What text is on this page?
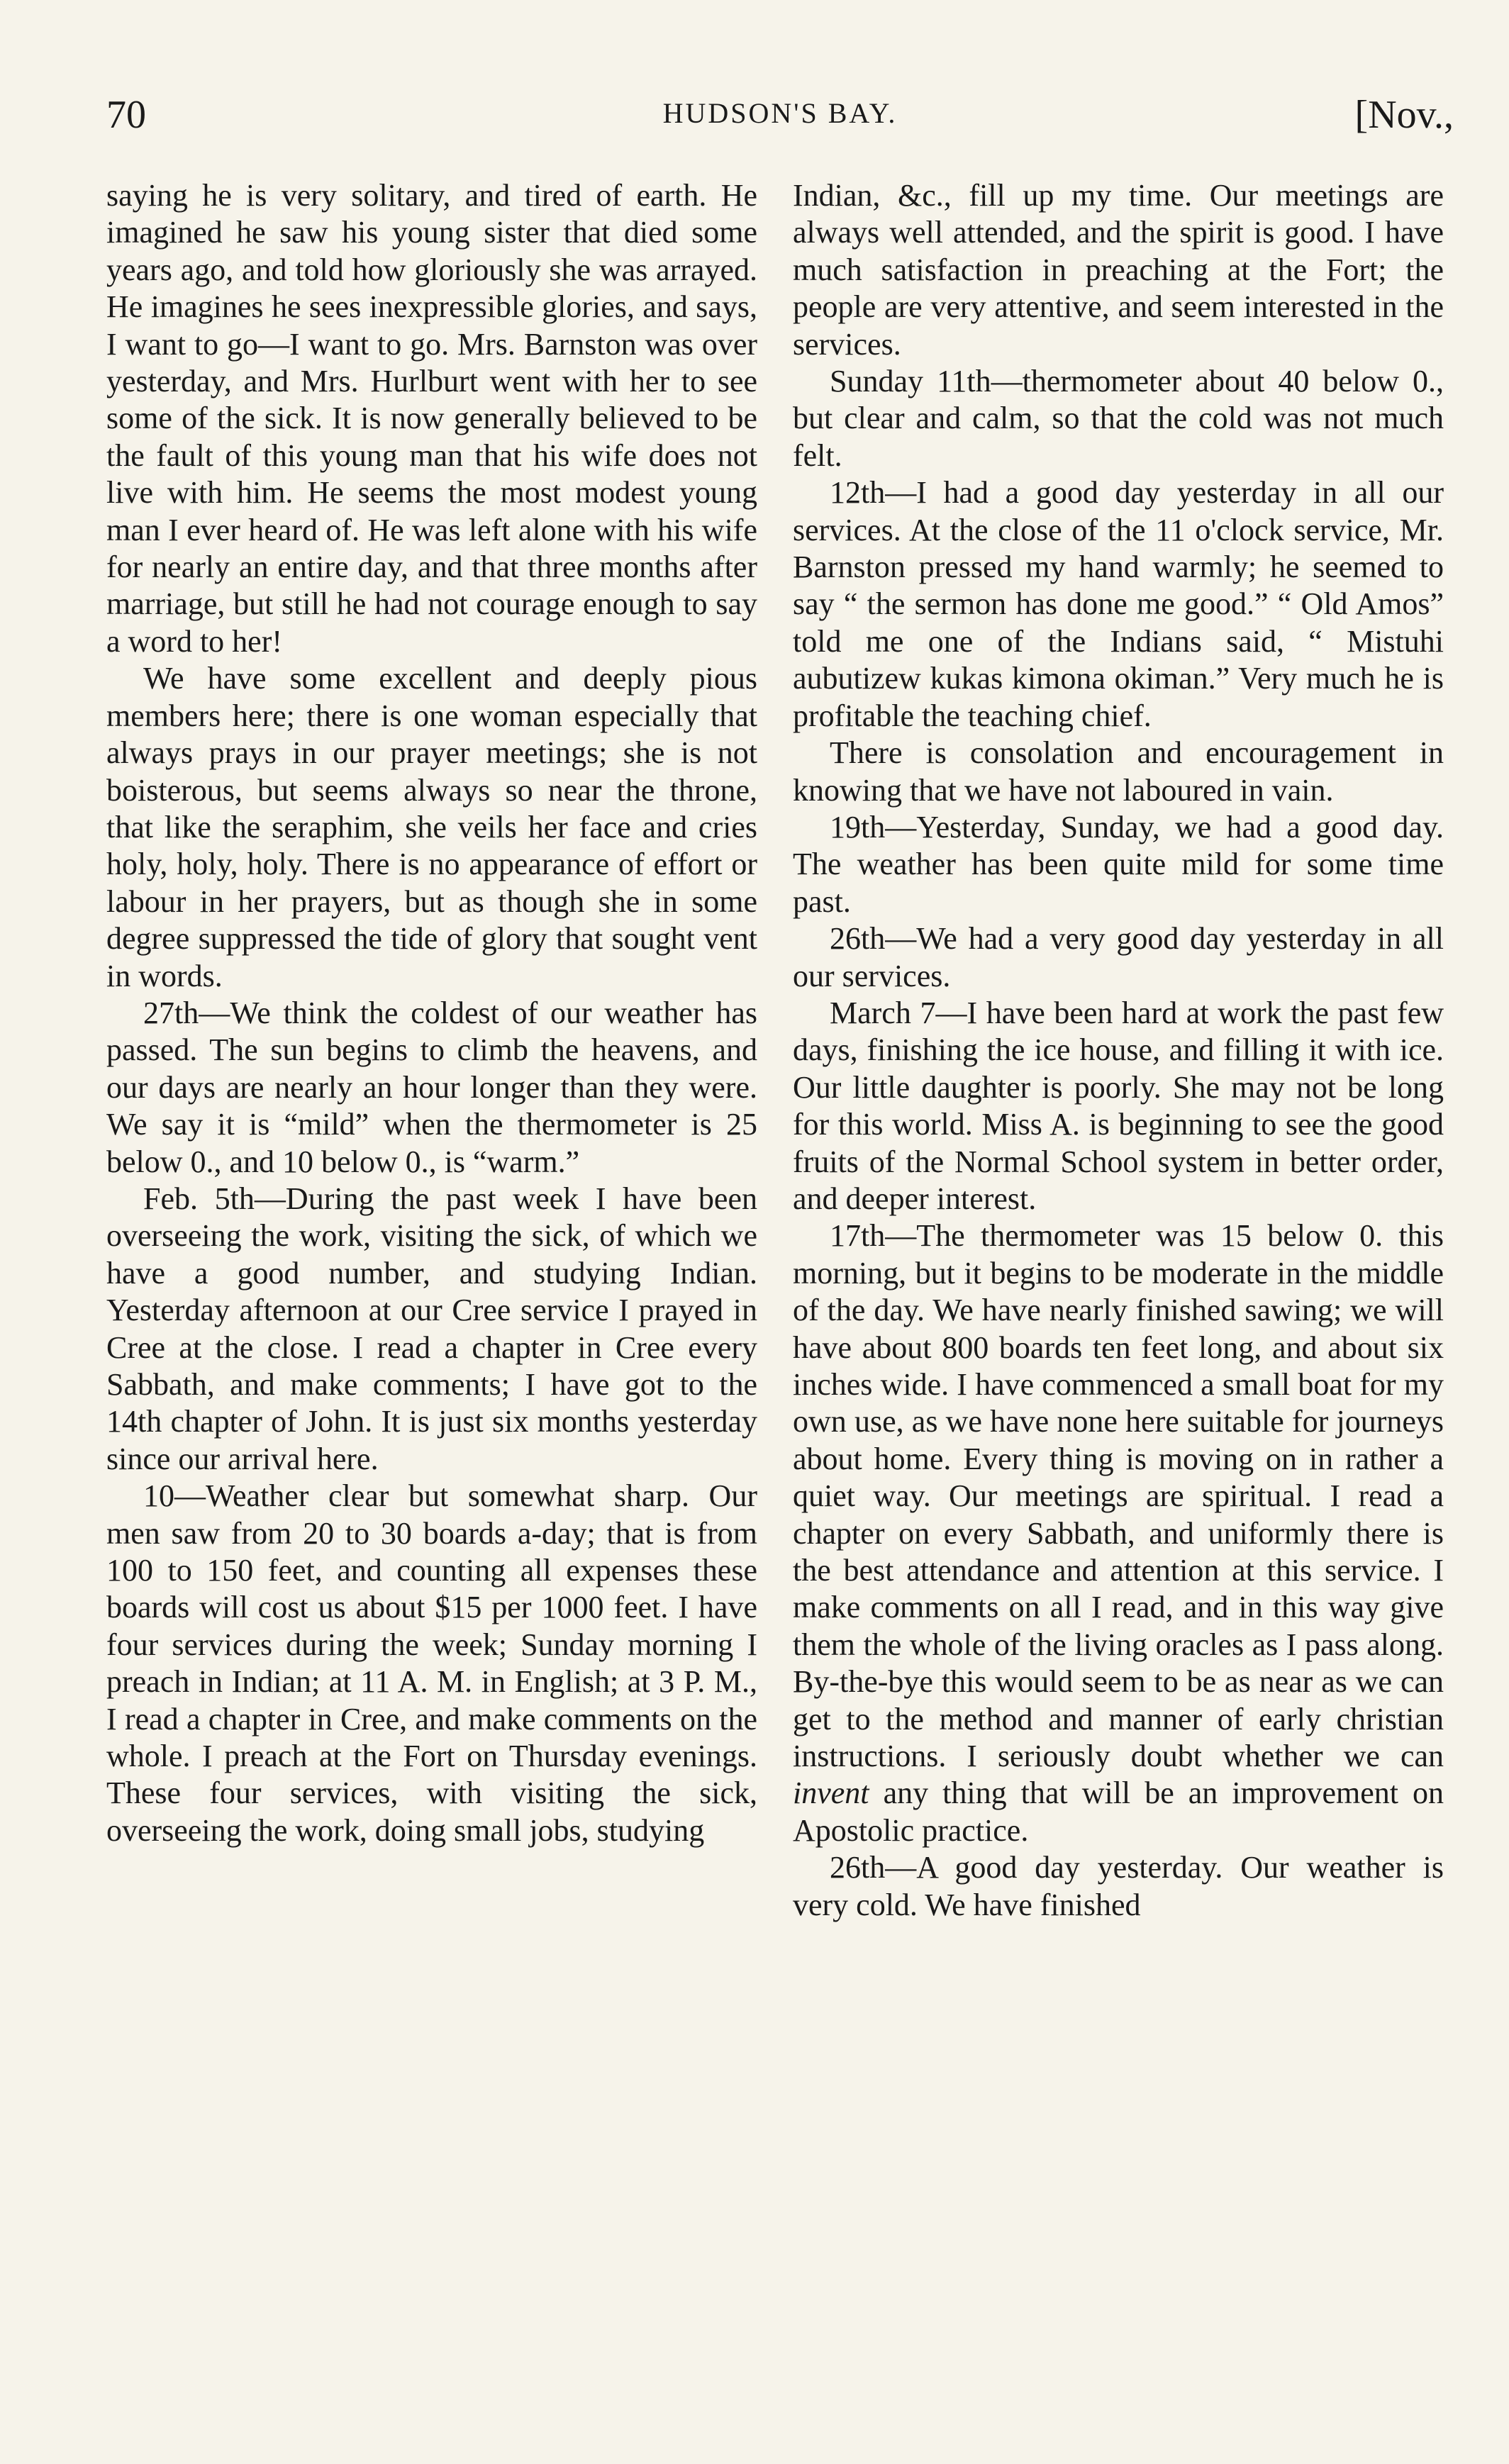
70	HUDSON'S BAY.	[Nov.,

saying he is very solitary, and tired of earth. He imagined he saw his young sister that died some years ago, and told how gloriously she was arrayed. He imagines he sees inexpressible glories, and says, I want to go—I want to go. Mrs. Barnston was over yesterday, and Mrs. Hurlburt went with her to see some of the sick. It is now generally believed to be the fault of this young man that his wife does not live with him. He seems the most modest young man I ever heard of. He was left alone with his wife for nearly an entire day, and that three months after marriage, but still he had not courage enough to say a word to her!

We have some excellent and deeply pious members here; there is one woman especially that always prays in our prayer meetings; she is not boisterous, but seems always so near the throne, that like the seraphim, she veils her face and cries holy, holy, holy. There is no appearance of effort or labour in her prayers, but as though she in some degree suppressed the tide of glory that sought vent in words.

27th—We think the coldest of our weather has passed. The sun begins to climb the heavens, and our days are nearly an hour longer than they were. We say it is “mild” when the thermometer is 25 below 0., and 10 below 0., is “warm.”

Feb. 5th—During the past week I have been overseeing the work, visiting the sick, of which we have a good number, and studying Indian. Yesterday afternoon at our Cree service I prayed in Cree at the close. I read a chapter in Cree every Sabbath, and make comments; I have got to the 14th chapter of John. It is just six months yesterday since our arrival here.

10—Weather clear but somewhat sharp. Our men saw from 20 to 30 boards a-day; that is from 100 to 150 feet, and counting all expenses these boards will cost us about $15 per 1000 feet. I have four services during the week; Sunday morning I preach in Indian; at 11 A. M. in English; at 3 P. M., I read a chapter in Cree, and make comments on the whole. I preach at the Fort on Thursday evenings. These four services, with visiting the sick, overseeing the work, doing small jobs, studying

Indian, &c., fill up my time. Our meetings are always well attended, and the spirit is good. I have much satisfaction in preaching at the Fort; the people are very attentive, and seem interested in the services.

Sunday 11th—thermometer about 40 below 0., but clear and calm, so that the cold was not much felt.

12th—I had a good day yesterday in all our services. At the close of the 11 o'clock service, Mr. Barnston pressed my hand warmly; he seemed to say “ the sermon has done me good.” “ Old Amos” told me one of the Indians said, “ Mistuhi aubutizew kukas kimona okiman.” Very much he is profitable the teaching chief.

There is consolation and encouragement in knowing that we have not laboured in vain.

19th—Yesterday, Sunday, we had a good day. The weather has been quite mild for some time past.

26th—We had a very good day yesterday in all our services.

March 7—I have been hard at work the past few days, finishing the ice house, and filling it with ice. Our little daughter is poorly. She may not be long for this world. Miss A. is beginning to see the good fruits of the Normal School system in better order, and deeper interest.

17th—The thermometer was 15 below 0. this morning, but it begins to be moderate in the middle of the day. We have nearly finished sawing; we will have about 800 boards ten feet long, and about six inches wide. I have commenced a small boat for my own use, as we have none here suitable for journeys about home. Every thing is moving on in rather a quiet way. Our meetings are spiritual. I read a chapter on every Sabbath, and uniformly there is the best attendance and attention at this service. I make comments on all I read, and in this way give them the whole of the living oracles as I pass along. By-the-bye this would seem to be as near as we can get to the method and manner of early christian instructions. I seriously doubt whether we can invent any thing that will be an improvement on Apostolic practice.

26th—A good day yesterday. Our weather is very cold. We have finished
